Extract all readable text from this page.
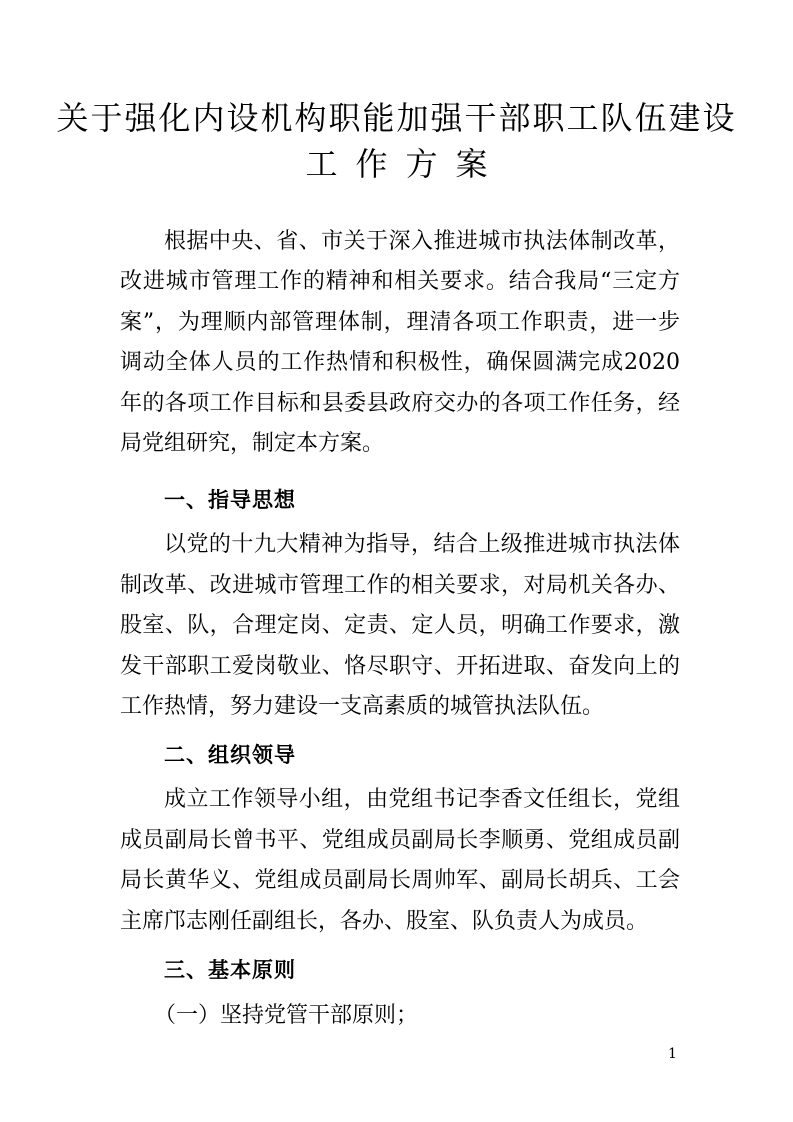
关于强化内设机构职能加强干部职工队伍建设
工作方案

根据中央、省、市关于深入推进城市执法体制改革，改进城市管理工作的精神和相关要求。结合我局“三定方案”，为理顺内部管理体制，理清各项工作职责，进一步调动全体人员的工作热情和积极性，确保圆满完成2020年的各项工作目标和县委县政府交办的各项工作任务，经局党组研究，制定本方案。

一、指导思想

以党的十九大精神为指导，结合上级推进城市执法体制改革、改进城市管理工作的相关要求，对局机关各办、股室、队，合理定岗、定责、定人员，明确工作要求，激发干部职工爱岗敬业、恪尽职守、开拓进取、奋发向上的工作热情，努力建设一支高素质的城管执法队伍。

二、组织领导

成立工作领导小组，由党组书记李香文任组长，党组成员副局长曾书平、党组成员副局长李顺勇、党组成员副局长黄华义、党组成员副局长周帅军、副局长胡兵、工会主席邝志刚任副组长，各办、股室、队负责人为成员。

三、基本原则

（一）坚持党管干部原则；

1
